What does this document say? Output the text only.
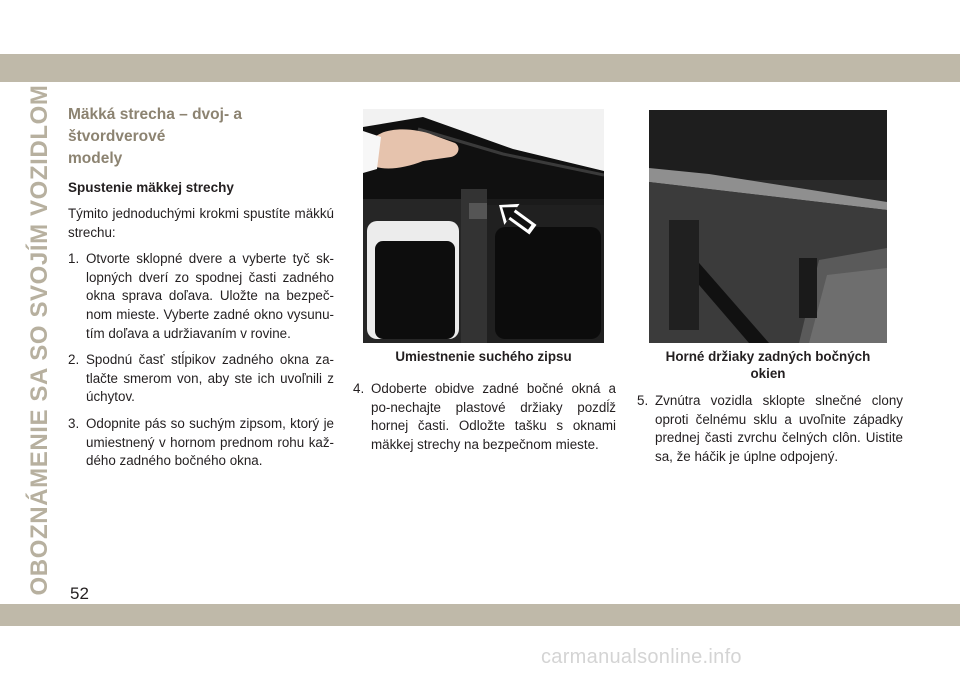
OBOZNÁMENIE SA SO SVOJÍM VOZIDLOM 52
Mäkká strecha – dvoj- a štvordverové
modely
Spustenie mäkkej strechy
Týmito jednoduchými krokmi spustíte mäkkú strechu:
1. Otvorte sklopné dvere a vyberte tyč sk-lopných dverí zo spodnej časti zadného okna sprava doľava. Uložte na bezpeč-nom mieste. Vyberte zadné okno vysunu-tím doľava a udržiavaním v rovine.
2. Spodnú časť stĺpikov zadného okna za-tlačte smerom von, aby ste ich uvoľnili z úchytov.
3. Odopnite pás so suchým zipsom, ktorý je umiestnený v hornom prednom rohu kaž-dého zadného bočného okna.
Umiestnenie suchého zipsu	Horné držiaky zadných bočných
okien
4. Odoberte obidve zadné bočné okná a po-nechajte plastové držiaky pozdĺž hornej časti. Odložte tašku s oknami mäkkej strechy na bezpečnom mieste.
5. Zvnútra vozidla sklopte slnečné clony oproti čelnému sklu a uvoľnite západky prednej časti zvrchu čelných clôn. Uistite sa, že háčik je úplne odpojený.
carmanualsonline.info
